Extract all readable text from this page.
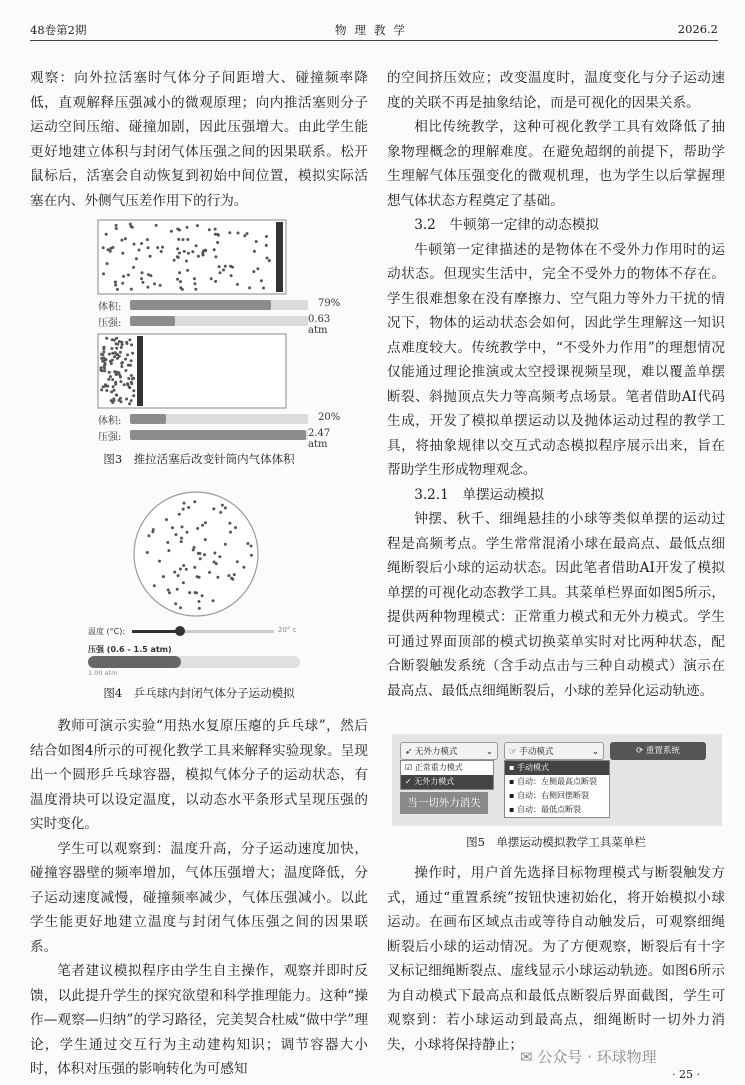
48卷第2期	物理教学	2026.2

观察：向外拉活塞时气体分子间距增大、碰撞频率降低，直观解释压强减小的微观原理；向内推活塞则分子运动空间压缩、碰撞加剧，因此压强增大。由此学生能更好地建立体积与封闭气体压强之间的因果联系。松开鼠标后，活塞会自动恢复到初始中间位置，模拟实际活塞在内、外侧气压差作用下的行为。

体积:	79%
压强:	0.63 atm
体积:	20%
压强:	2.47 atm
图3　推拉活塞后改变针筒内气体体积
温度 (°C):	20° c
压强 (0.6 - 1.5 atm)
1.00 atm
图4　乒乓球内封闭气体分子运动模拟

教师可演示实验“用热水复原压瘪的乒乓球”，然后结合如图4所示的可视化教学工具来解释实验现象。呈现出一个圆形乒乓球容器，模拟气体分子的运动状态，有温度滑块可以设定温度，以动态水平条形式呈现压强的实时变化。

学生可以观察到：温度升高，分子运动速度加快，碰撞容器壁的频率增加，气体压强增大；温度降低，分子运动速度减慢，碰撞频率减少，气体压强减小。以此学生能更好地建立温度与封闭气体压强之间的因果联系。

笔者建议模拟程序由学生自主操作，观察并即时反馈，以此提升学生的探究欲望和科学推理能力。这种“操作—观察—归纳”的学习路径，完美契合杜威“做中学”理论，学生通过交互行为主动建构知识；调节容器大小时，体积对压强的影响转化为可感知

的空间挤压效应；改变温度时，温度变化与分子运动速度的关联不再是抽象结论，而是可视化的因果关系。

相比传统教学，这种可视化教学工具有效降低了抽象物理概念的理解难度。在避免超纲的前提下，帮助学生理解气体压强变化的微观机理，也为学生以后掌握理想气体状态方程奠定了基础。

3.2　牛顿第一定律的动态模拟

牛顿第一定律描述的是物体在不受外力作用时的运动状态。但现实生活中，完全不受外力的物体不存在。学生很难想象在没有摩擦力、空气阻力等外力干扰的情况下，物体的运动状态会如何，因此学生理解这一知识点难度较大。传统教学中，“不受外力作用”的理想情况仅能通过理论推演或太空授课视频呈现，难以覆盖单摆断裂、斜抛顶点失力等高频考点场景。笔者借助AI代码生成，开发了模拟单摆运动以及抛体运动过程的教学工具，将抽象规律以交互式动态模拟程序展示出来，旨在帮助学生形成物理观念。

3.2.1　单摆运动模拟

钟摆、秋千、细绳悬挂的小球等类似单摆的运动过程是高频考点。学生常常混淆小球在最高点、最低点细绳断裂后小球的运动状态。因此笔者借助AI开发了模拟单摆的可视化动态教学工具。其菜单栏界面如图5所示，提供两种物理模式：正常重力模式和无外力模式。学生可通过界面顶部的模式切换菜单实时对比两种状态，配合断裂触发系统（含手动点击与三种自动模式）演示在最高点、最低点细绳断裂后，小球的差异化运动轨迹。

➶ 无外力模式	⌄	☞ 手动模式	⌄	⟳ 重置系统
☑ 正常重力模式
✓ 无外力模式
当一切外力消失
▪ 手动模式
▪ 自动：左侧最高点断裂
▪ 自动：右侧回摆断裂
▪ 自动：最低点断裂
图5　单摆运动模拟教学工具菜单栏

操作时，用户首先选择目标物理模式与断裂触发方式，通过“重置系统”按钮快速初始化，将开始模拟小球运动。在画布区域点击或等待自动触发后，可观察细绳断裂后小球的运动情况。为了方便观察，断裂后有十字叉标记细绳断裂点、虚线显示小球运动轨迹。如图6所示为自动模式下最高点和最低点断裂后界面截图，学生可观察到：若小球运动到最高点，细绳断时一切外力消失，小球将保持静止；

✉ 公众号 · 环球物理
· 25 ·
